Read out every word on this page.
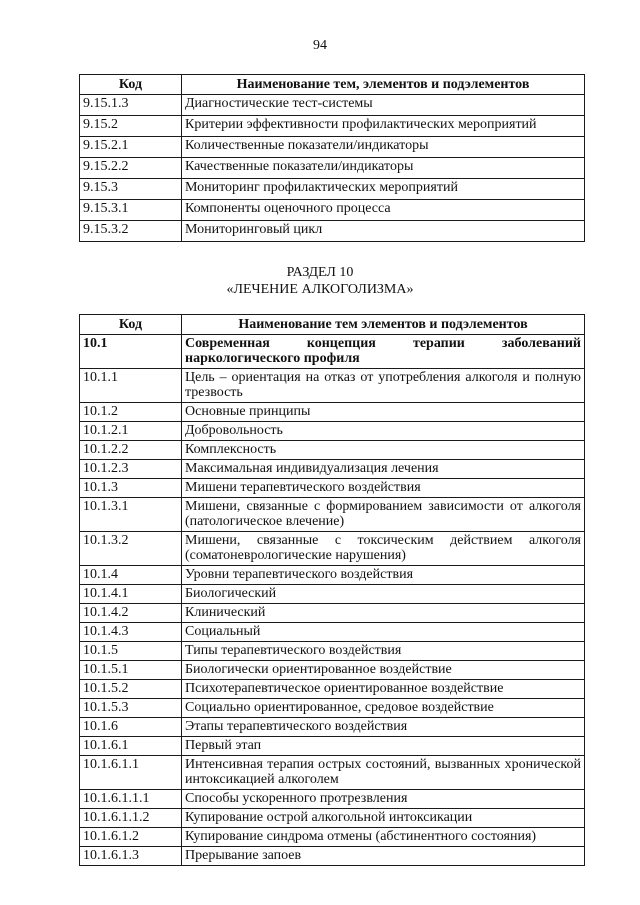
94
Код	Наименование тем, элементов и подэлементов
9.15.1.3	Диагностические тест-системы
9.15.2	Критерии эффективности профилактических мероприятий
9.15.2.1	Количественные показатели/индикаторы
9.15.2.2	Качественные показатели/индикаторы
9.15.3	Мониторинг профилактических мероприятий
9.15.3.1	Компоненты оценочного процесса
9.15.3.2	Мониторинговый цикл
РАЗДЕЛ 10
«ЛЕЧЕНИЕ АЛКОГОЛИЗМА»
Код	Наименование тем элементов и подэлементов
10.1	Современная концепция терапии заболеваний наркологического профиля
10.1.1	Цель – ориентация на отказ от употребления алкоголя и полную трезвость
10.1.2	Основные принципы
10.1.2.1	Добровольность
10.1.2.2	Комплексность
10.1.2.3	Максимальная индивидуализация лечения
10.1.3	Мишени терапевтического воздействия
10.1.3.1	Мишени, связанные с формированием зависимости от алкоголя (патологическое влечение)
10.1.3.2	Мишени, связанные с токсическим действием алкоголя (соматоневрологические нарушения)
10.1.4	Уровни терапевтического воздействия
10.1.4.1	Биологический
10.1.4.2	Клинический
10.1.4.3	Социальный
10.1.5	Типы терапевтического воздействия
10.1.5.1	Биологически ориентированное воздействие
10.1.5.2	Психотерапевтическое ориентированное воздействие
10.1.5.3	Социально ориентированное, средовое воздействие
10.1.6	Этапы терапевтического воздействия
10.1.6.1	Первый этап
10.1.6.1.1	Интенсивная терапия острых состояний, вызванных хронической интоксикацией алкоголем
10.1.6.1.1.1	Способы ускоренного протрезвления
10.1.6.1.1.2	Купирование острой алкогольной интоксикации
10.1.6.1.2	Купирование синдрома отмены (абстинентного состояния)
10.1.6.1.3	Прерывание запоев
